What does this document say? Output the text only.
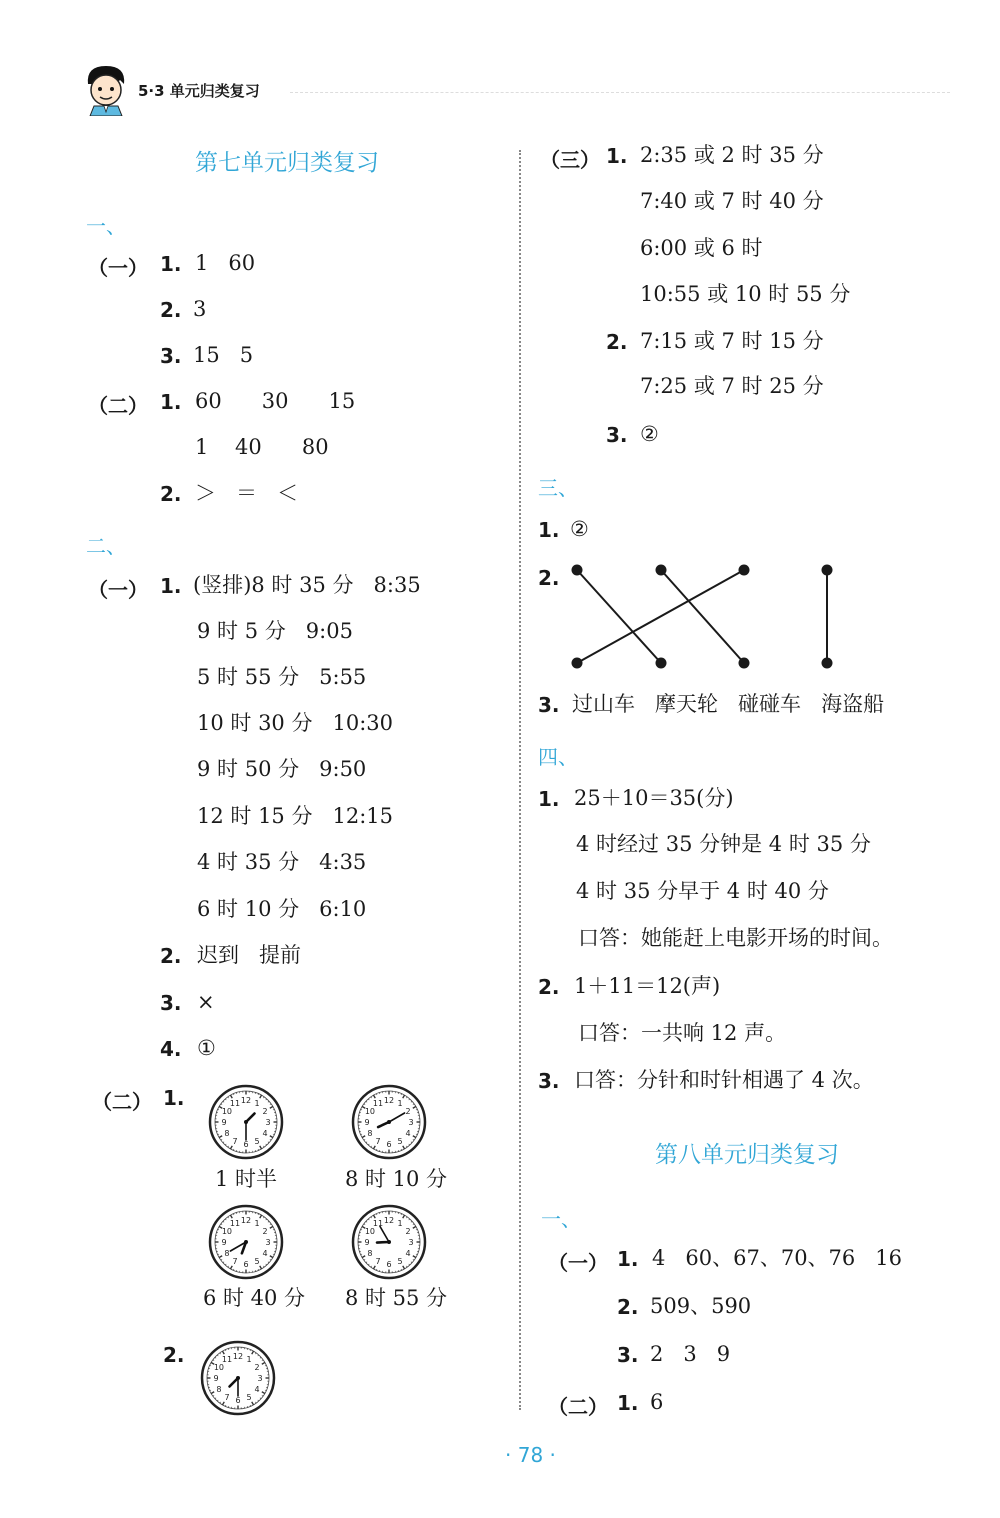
5·3 单元归类复习
第七单元归类复习
一、
（一） 1. 1   60
2. 3
3. 15   5
（二） 1. 60      30      15
1    40      80
2. ＞   ＝   ＜
二、
（一） 1. (竖排)8 时 35 分   8:35
9 时 5 分   9:05
5 时 55 分   5:55
10 时 30 分   10:30
9 时 50 分   9:50
12 时 15 分   12:15
4 时 35 分   4:35
6 时 10 分   6:10
2. 迟到   提前
3. ×
4. ①
（二） 1.	12 1
2
3
4
5
6
7
8
9
10
11	12 1
2
3
4
5
6
7
8
9
10
11
12 1
2
3
4
5
6
7
8
9
10
11	12 1
2
3
4
5
6
7
8
9
10
11
12 1
2
3
4
5
6
7
8
9
10
11
1 时半	8 时 10 分
6 时 40 分	8 时 55 分
2.
（三） 1. 2:35 或 2 时 35 分
7:40 或 7 时 40 分
6:00 或 6 时
10:55 或 10 时 55 分
2. 7:15 或 7 时 15 分
7:25 或 7 时 25 分
3. ②
三、
1. ②
2.
3. 过山车   摩天轮   碰碰车   海盗船
四、
1. 25＋10＝35(分)
4 时经过 35 分钟是 4 时 35 分
4 时 35 分早于 4 时 40 分
口答：她能赶上电影开场的时间。
2. 1＋11＝12(声)
口答：一共响 12 声。
3. 口答：分针和时针相遇了 4 次。
第八单元归类复习
一、
（一） 1. 4   60、67、70、76   16
2. 509、590
3. 2   3   9
（二） 1. 6
· 78 ·
